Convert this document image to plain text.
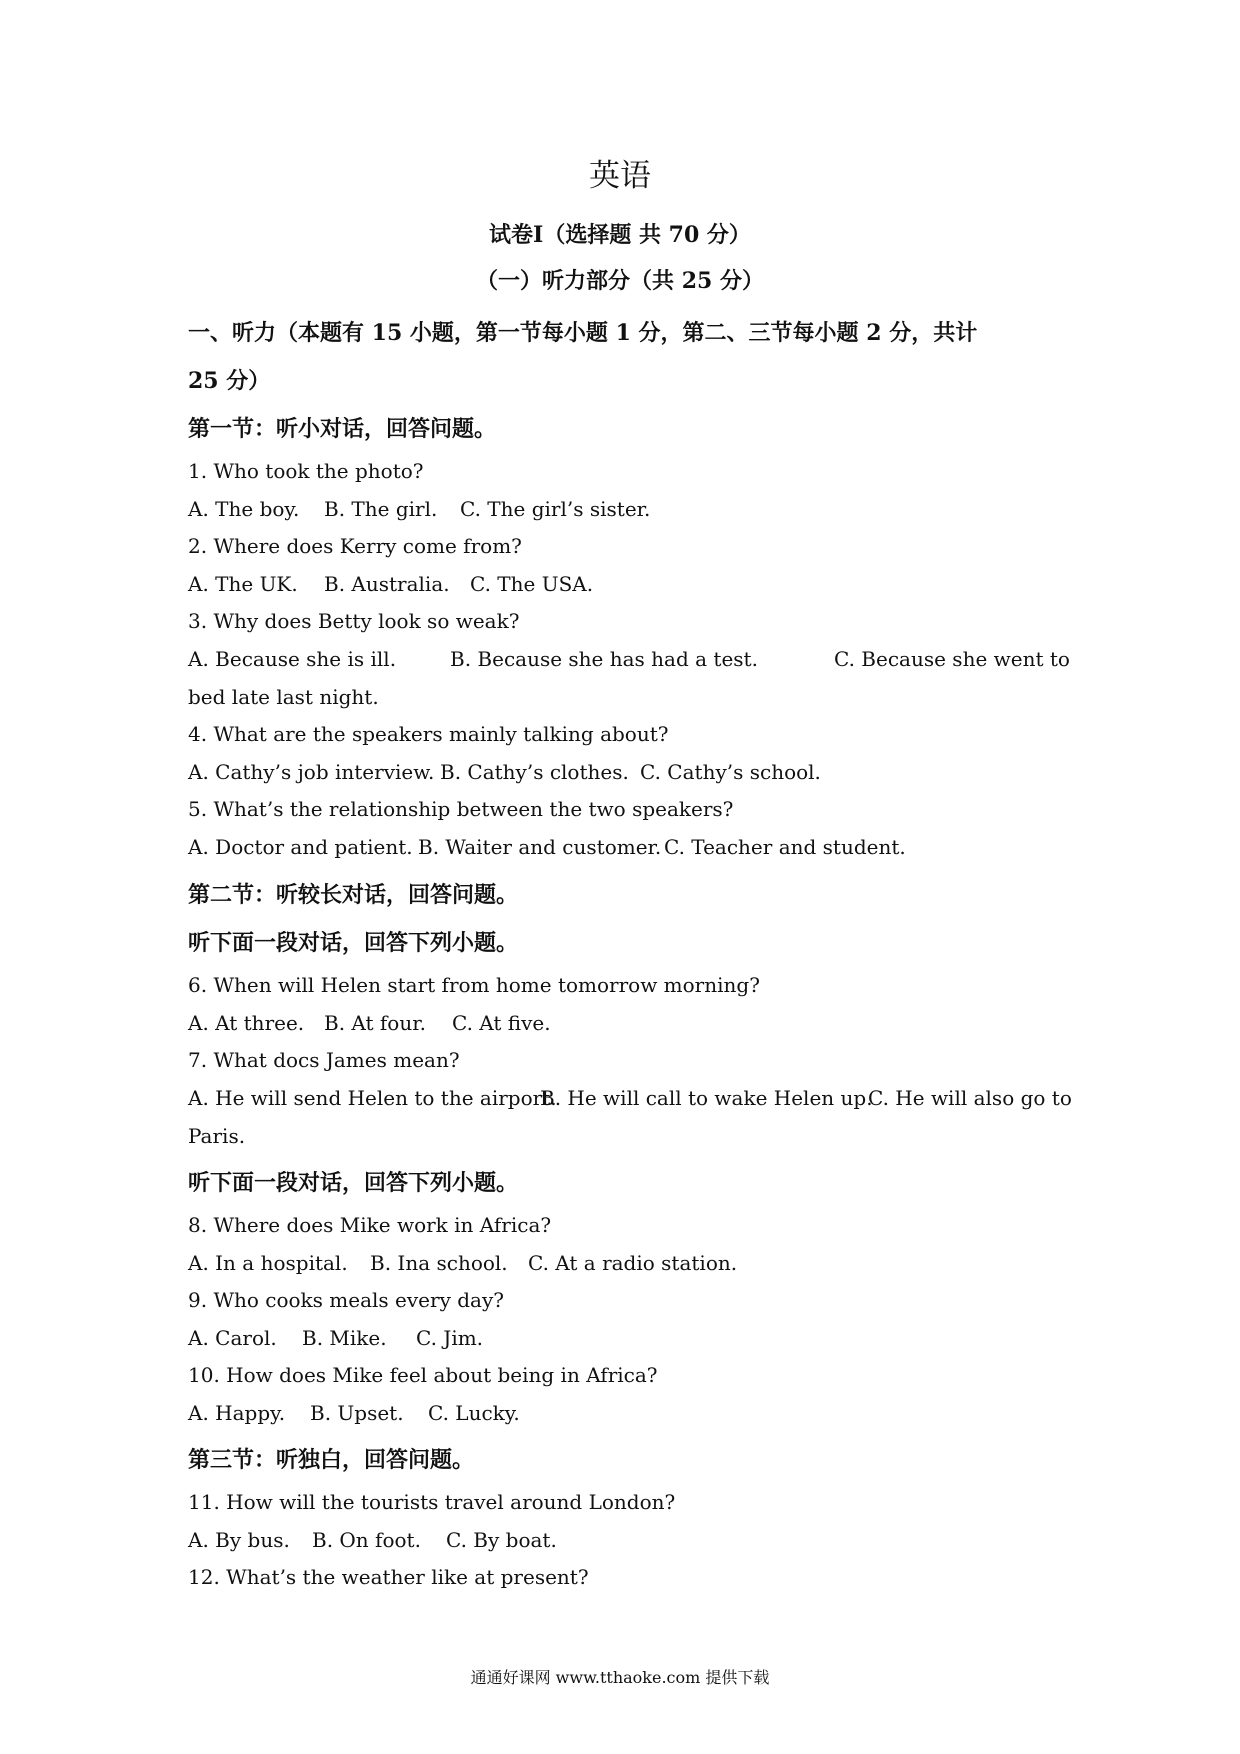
英语
试卷Ⅰ（选择题 共 70 分）
（一）听力部分（共 25 分）
一、听力（本题有 15 小题，第一节每小题 1 分，第二、三节每小题 2 分，共计
25 分）
第一节：听小对话，回答问题。
1. Who took the photo?
A. The boy. B. The girl. C. The girl’s sister.
2. Where does Kerry come from?
A. The UK. B. Australia. C. The USA.
3. Why does Betty look so weak?
A. Because she is ill.	B. Because she has had a test.	C. Because she went to
bed late last night.
4. What are the speakers mainly talking about?
A. Cathy’s job interview. B. Cathy’s clothes. C. Cathy’s school.
5. What’s the relationship between the two speakers?
A. Doctor and patient. B. Waiter and customer. C. Teacher and student.
第二节：听较长对话，回答问题。
听下面一段对话，回答下列小题。
6. When will Helen start from home tomorrow morning?
A. At three. B. At four. C. At five.
7. What docs James mean?
A. He will send Helen to the airport.B. He will call to wake Helen up.C. He will also go to
Paris.
听下面一段对话，回答下列小题。
8. Where does Mike work in Africa?
A. In a hospital. B. Ina school. C. At a radio station.
9. Who cooks meals every day?
A. Carol. B. Mike. C. Jim.
10. How does Mike feel about being in Africa?
A. Happy. B. Upset. C. Lucky.
第三节：听独白，回答问题。
11. How will the tourists travel around London?
A. By bus. B. On foot. C. By boat.
12. What’s the weather like at present?
通通好课网 www.tthaoke.com 提供下载
